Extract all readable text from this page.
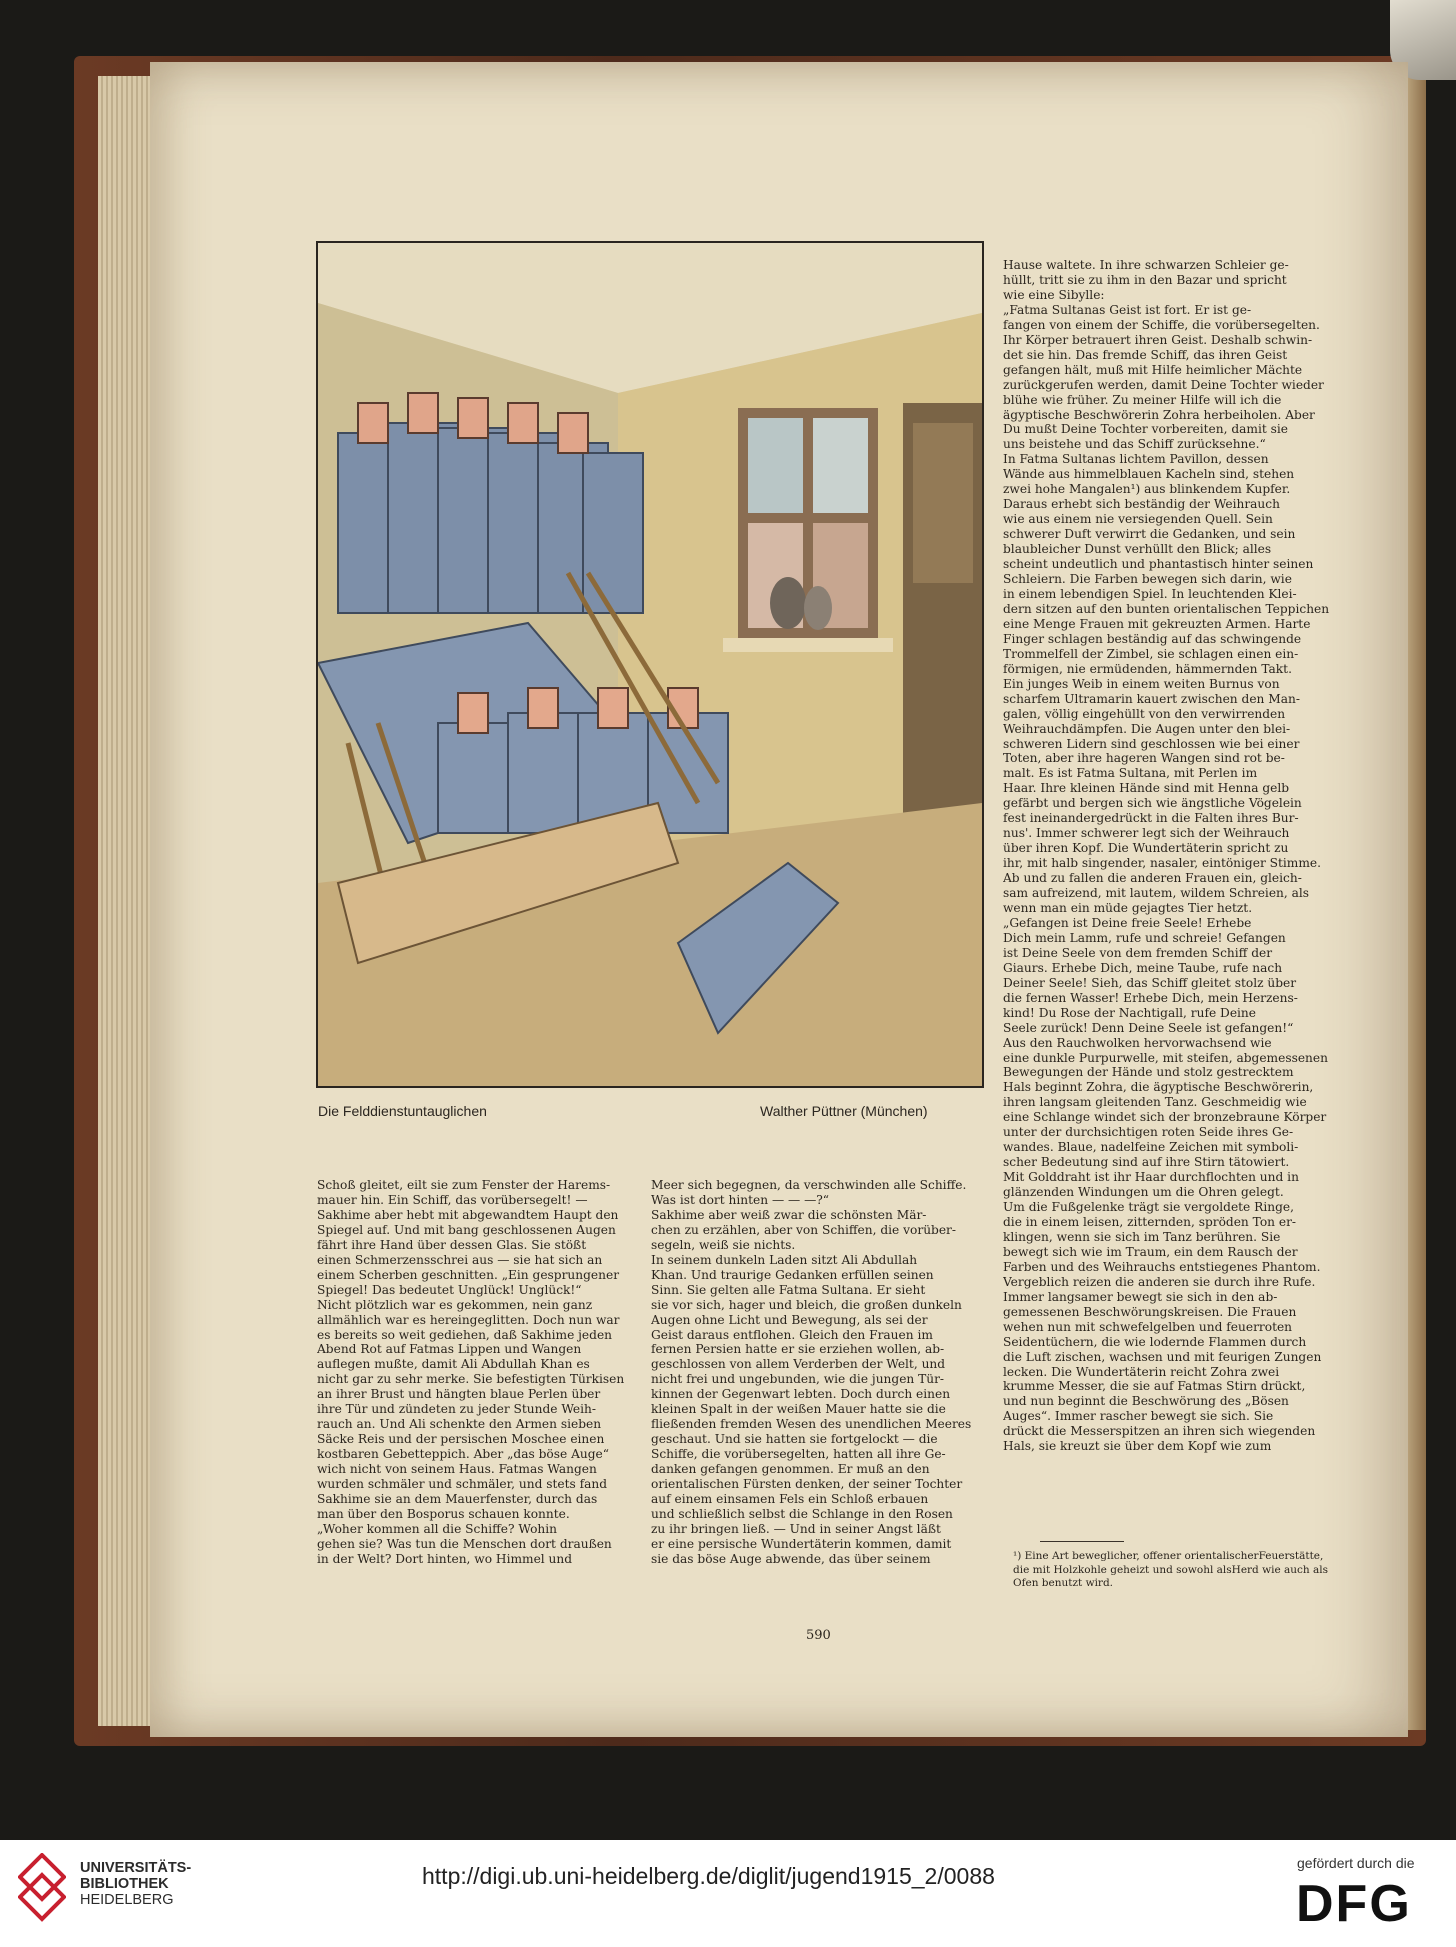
Die Felddienstuntauglichen	Walther Püttner (München)
Hause waltete. In ihre schwarzen Schleier ge-
hüllt, tritt sie zu ihm in den Bazar und spricht
wie eine Sibylle:
„Fatma Sultanas Geist ist fort. Er ist ge-
fangen von einem der Schiffe, die vorübersegelten.
Ihr Körper betrauert ihren Geist. Deshalb schwin-
det sie hin. Das fremde Schiff, das ihren Geist
gefangen hält, muß mit Hilfe heimlicher Mächte
zurückgerufen werden, damit Deine Tochter wieder
blühe wie früher. Zu meiner Hilfe will ich die
ägyptische Beschwörerin Zohra herbeiholen. Aber
Du mußt Deine Tochter vorbereiten, damit sie
uns beistehe und das Schiff zurücksehne.“
In Fatma Sultanas lichtem Pavillon, dessen
Wände aus himmelblauen Kacheln sind, stehen
zwei hohe Mangalen¹) aus blinkendem Kupfer.
Daraus erhebt sich beständig der Weihrauch
wie aus einem nie versiegenden Quell. Sein
schwerer Duft verwirrt die Gedanken, und sein
blaubleicher Dunst verhüllt den Blick; alles
scheint undeutlich und phantastisch hinter seinen
Schleiern. Die Farben bewegen sich darin, wie
in einem lebendigen Spiel. In leuchtenden Klei-
dern sitzen auf den bunten orientalischen Teppichen
eine Menge Frauen mit gekreuzten Armen. Harte
Finger schlagen beständig auf das schwingende
Trommelfell der Zimbel, sie schlagen einen ein-
förmigen, nie ermüdenden, hämmernden Takt.
Ein junges Weib in einem weiten Burnus von
scharfem Ultramarin kauert zwischen den Man-
galen, völlig eingehüllt von den verwirrenden
Weihrauchdämpfen. Die Augen unter den blei-
schweren Lidern sind geschlossen wie bei einer
Toten, aber ihre hageren Wangen sind rot be-
malt. Es ist Fatma Sultana, mit Perlen im
Haar. Ihre kleinen Hände sind mit Henna gelb
gefärbt und bergen sich wie ängstliche Vögelein
fest ineinandergedrückt in die Falten ihres Bur-
nus'. Immer schwerer legt sich der Weihrauch
über ihren Kopf. Die Wundertäterin spricht zu
ihr, mit halb singender, nasaler, eintöniger Stimme.
Ab und zu fallen die anderen Frauen ein, gleich-
sam aufreizend, mit lautem, wildem Schreien, als
wenn man ein müde gejagtes Tier hetzt.
„Gefangen ist Deine freie Seele! Erhebe
Dich mein Lamm, rufe und schreie! Gefangen
ist Deine Seele von dem fremden Schiff der
Giaurs. Erhebe Dich, meine Taube, rufe nach
Deiner Seele! Sieh, das Schiff gleitet stolz über
die fernen Wasser! Erhebe Dich, mein Herzens-
kind! Du Rose der Nachtigall, rufe Deine
Seele zurück! Denn Deine Seele ist gefangen!“
Aus den Rauchwolken hervorwachsend wie
eine dunkle Purpurwelle, mit steifen, abgemessenen
Bewegungen der Hände und stolz gestrecktem
Hals beginnt Zohra, die ägyptische Beschwörerin,
ihren langsam gleitenden Tanz. Geschmeidig wie
eine Schlange windet sich der bronzebraune Körper
unter der durchsichtigen roten Seide ihres Ge-
wandes. Blaue, nadelfeine Zeichen mit symboli-
scher Bedeutung sind auf ihre Stirn tätowiert.
Mit Golddraht ist ihr Haar durchflochten und in
glänzenden Windungen um die Ohren gelegt.
Um die Fußgelenke trägt sie vergoldete Ringe,
die in einem leisen, zitternden, spröden Ton er-
klingen, wenn sie sich im Tanz berühren. Sie
bewegt sich wie im Traum, ein dem Rausch der
Farben und des Weihrauchs entstiegenes Phantom.
Vergeblich reizen die anderen sie durch ihre Rufe.
Immer langsamer bewegt sie sich in den ab-
gemessenen Beschwörungskreisen. Die Frauen
wehen nun mit schwefelgelben und feuerroten
Seidentüchern, die wie lodernde Flammen durch
die Luft zischen, wachsen und mit feurigen Zungen
lecken. Die Wundertäterin reicht Zohra zwei
krumme Messer, die sie auf Fatmas Stirn drückt,
und nun beginnt die Beschwörung des „Bösen
Auges“. Immer rascher bewegt sie sich. Sie
drückt die Messerspitzen an ihren sich wiegenden
Hals, sie kreuzt sie über dem Kopf wie zum
Schoß gleitet, eilt sie zum Fenster der Harems-
mauer hin. Ein Schiff, das vorübersegelt! —
Sakhime aber hebt mit abgewandtem Haupt den
Spiegel auf. Und mit bang geschlossenen Augen
fährt ihre Hand über dessen Glas. Sie stößt
einen Schmerzensschrei aus — sie hat sich an
einem Scherben geschnitten. „Ein gesprungener
Spiegel! Das bedeutet Unglück! Unglück!“
Nicht plötzlich war es gekommen, nein ganz
allmählich war es hereingeglitten. Doch nun war
es bereits so weit gediehen, daß Sakhime jeden
Abend Rot auf Fatmas Lippen und Wangen
auflegen mußte, damit Ali Abdullah Khan es
nicht gar zu sehr merke. Sie befestigten Türkisen
an ihrer Brust und hängten blaue Perlen über
ihre Tür und zündeten zu jeder Stunde Weih-
rauch an. Und Ali schenkte den Armen sieben
Säcke Reis und der persischen Moschee einen
kostbaren Gebetteppich. Aber „das böse Auge“
wich nicht von seinem Haus. Fatmas Wangen
wurden schmäler und schmäler, und stets fand
Sakhime sie an dem Mauerfenster, durch das
man über den Bosporus schauen konnte.
„Woher kommen all die Schiffe? Wohin
gehen sie? Was tun die Menschen dort draußen
in der Welt? Dort hinten, wo Himmel und
Meer sich begegnen, da verschwinden alle Schiffe.
Was ist dort hinten — — —?“
Sakhime aber weiß zwar die schönsten Mär-
chen zu erzählen, aber von Schiffen, die vorüber-
segeln, weiß sie nichts.
In seinem dunkeln Laden sitzt Ali Abdullah
Khan. Und traurige Gedanken erfüllen seinen
Sinn. Sie gelten alle Fatma Sultana. Er sieht
sie vor sich, hager und bleich, die großen dunkeln
Augen ohne Licht und Bewegung, als sei der
Geist daraus entflohen. Gleich den Frauen im
fernen Persien hatte er sie erziehen wollen, ab-
geschlossen von allem Verderben der Welt, und
nicht frei und ungebunden, wie die jungen Tür-
kinnen der Gegenwart lebten. Doch durch einen
kleinen Spalt in der weißen Mauer hatte sie die
fließenden fremden Wesen des unendlichen Meeres
geschaut. Und sie hatten sie fortgelockt — die
Schiffe, die vorübersegelten, hatten all ihre Ge-
danken gefangen genommen. Er muß an den
orientalischen Fürsten denken, der seiner Tochter
auf einem einsamen Fels ein Schloß erbauen
und schließlich selbst die Schlange in den Rosen
zu ihr bringen ließ. — Und in seiner Angst läßt
er eine persische Wundertäterin kommen, damit
sie das böse Auge abwende, das über seinem	¹) Eine Art beweglicher, offener orientalischerFeuerstätte, die mit Holzkohle geheizt und sowohl alsHerd wie auch als Ofen benutzt wird.
590
UNIVERSITÄTS-
BIBLIOTHEK
HEIDELBERG
http://digi.ub.uni-heidelberg.de/diglit/jugend1915_2/0088	gefördert durch die
DFG
